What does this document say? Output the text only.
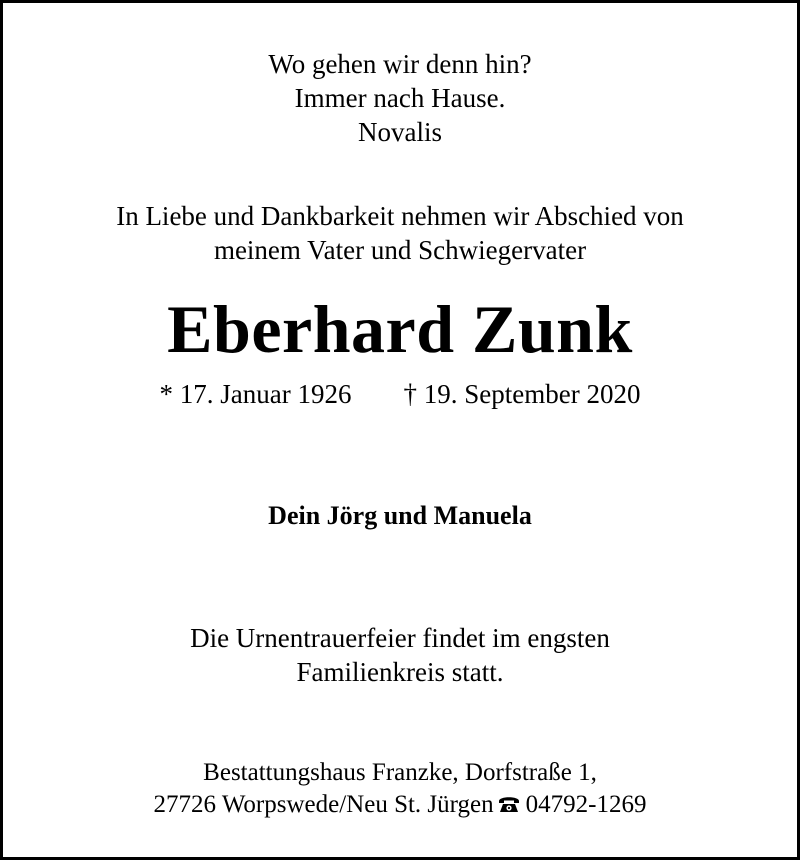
Wo gehen wir denn hin?
Immer nach Hause.
Novalis
In Liebe und Dankbarkeit nehmen wir Abschied von
meinem Vater und Schwiegervater
Eberhard Zunk
* 17. Januar 1926 † 19. September 2020
Dein Jörg und Manuela
Die Urnentrauerfeier findet im engsten
Familienkreis statt.
Bestattungshaus Franzke, Dorfstraße 1,
27726 Worpswede/Neu St. Jürgen 04792-1269
